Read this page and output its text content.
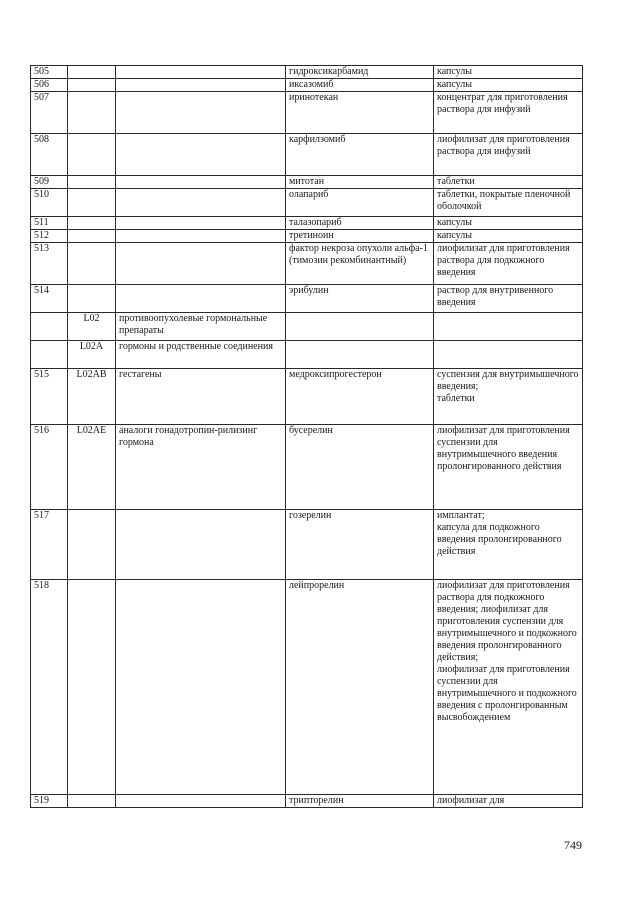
505			гидроксикарбамид	капсулы
506			иксазомиб	капсулы
507			иринотекан	концентрат для приготовления раствора для инфузий
508			карфилзомиб	лиофилизат для приготовления раствора для инфузий
509			митотан	таблетки
510			олапариб	таблетки, покрытые пленочной оболочкой
511			талазопариб	капсулы
512			третиноин	капсулы
513			фактор некроза опухоли альфа-1 (тимозин рекомбинантный)	лиофилизат для приготовления раствора для подкожного введения
514			эрибулин	раствор для внутривенного введения
	L02	противоопухолевые гормональные препараты		
	L02A	гормоны и родственные соединения		
515	L02AB	гестагены	медроксипрогестерон	суспензия для внутримышечного введения;
таблетки
516	L02AE	аналоги гонадотропин-рилизинг гормона	бусерелин	лиофилизат для приготовления суспензии для внутримышечного введения пролонгированного действия
517			гозерелин	имплантат;
капсула для подкожного введения пролонгированного действия
518			лейпрорелин	лиофилизат для приготовления раствора для подкожного введения; лиофилизат для приготовления суспензии для внутримышечного и подкожного введения пролонгированного действия;
лиофилизат для приготовления суспензии для внутримышечного и подкожного введения с пролонгированным высвобождением
519			трипторелин	лиофилизат для
749
